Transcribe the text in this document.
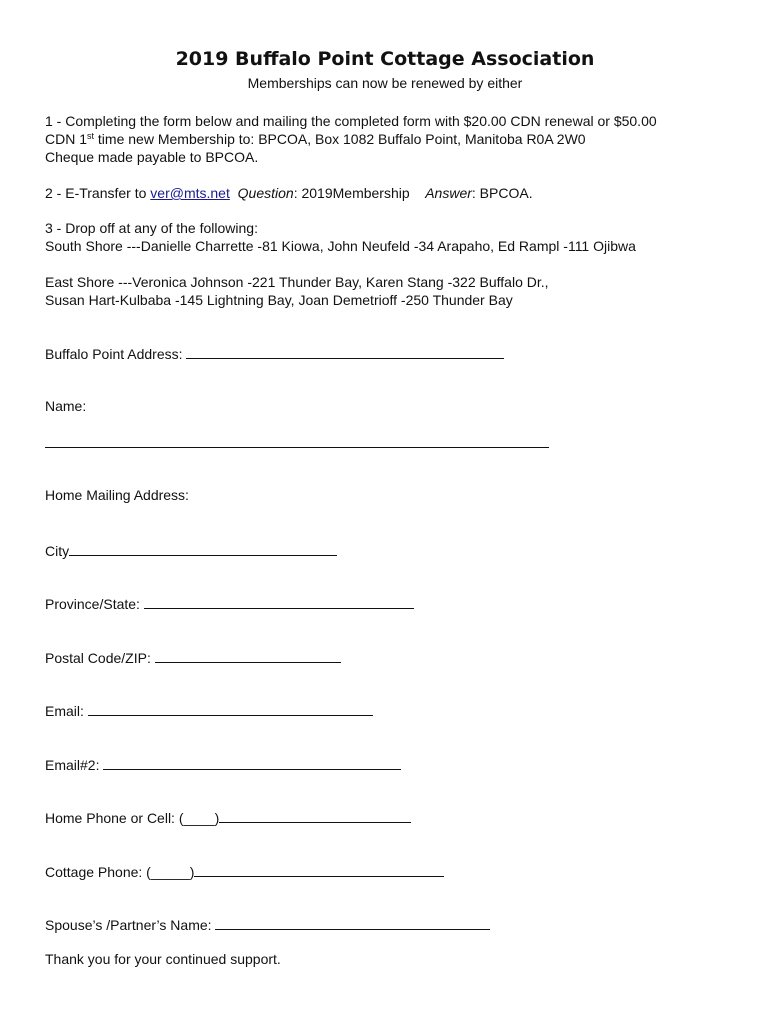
2019 Buffalo Point Cottage Association
Memberships can now be renewed by either
1 - Completing the form below and mailing the completed form with $20.00 CDN renewal or $50.00
CDN 1st time new Membership to: BPCOA, Box 1082 Buffalo Point, Manitoba R0A 2W0
Cheque made payable to BPCOA.
2 - E-Transfer to ver@mts.net Question: 2019Membership Answer: BPCOA.
3 - Drop off at any of the following:
South Shore ---Danielle Charrette -81 Kiowa, John Neufeld -34 Arapaho, Ed Rampl -111 Ojibwa
East Shore ---Veronica Johnson -221 Thunder Bay, Karen Stang -322 Buffalo Dr.,
Susan Hart-Kulbaba -145 Lightning Bay, Joan Demetrioff -250 Thunder Bay
Buffalo Point Address:
Name:
Home Mailing Address:
City
Province/State:
Postal Code/ZIP:
Email:
Email#2:
Home Phone or Cell: (____)
Cottage Phone: (_____)
Spouse’s /Partner’s Name:
Thank you for your continued support.
